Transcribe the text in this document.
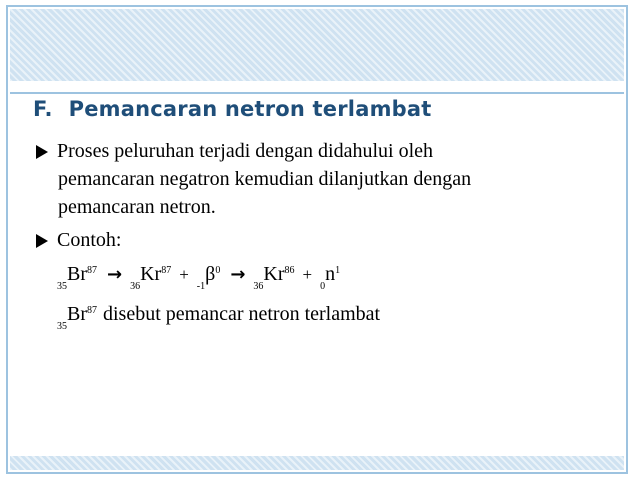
F. Pemancaran netron terlambat
Proses peluruhan terjadi dengan didahului oleh
pemancaran negatron kemudian dilanjutkan dengan
pemancaran netron.
Contoh:
$_{35}Br^{87} \to _{36}Kr^{87} + _{-1}\beta^0 \to _{36}Kr^{86} + _0n^1$
$_{35}Br^{87}$ disebut pemancar netron terlambat
